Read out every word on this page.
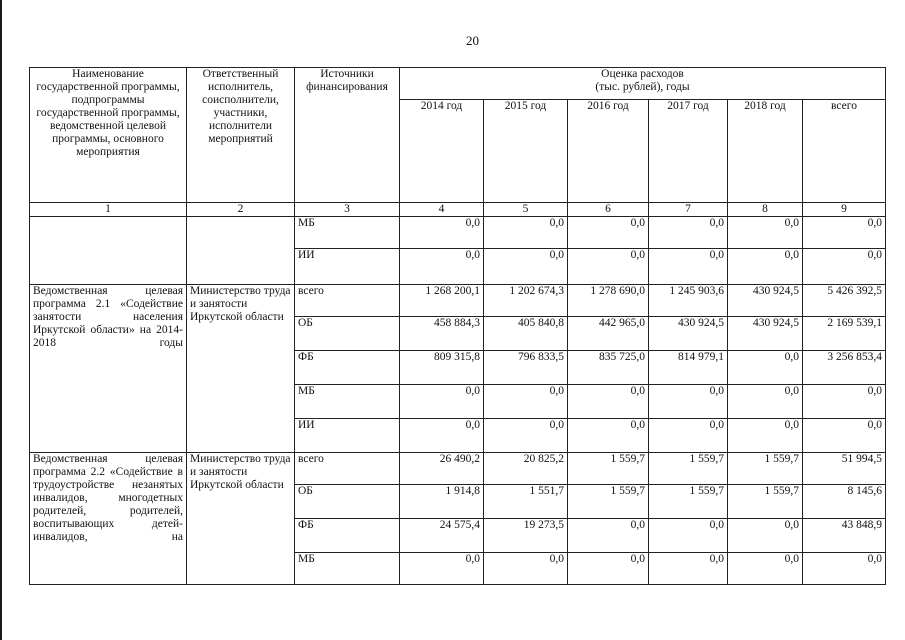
20
Наименование государственной программы, подпрограммы государственной программы, ведомственной целевой программы, основного мероприятия	Ответственный исполнитель, соисполнители, участники, исполнители мероприятий	Источники финансирования	Оценка расходов
(тыс. рублей), годы					

			2014 год	2015 год	2016 год	2017 год	2018 год	всего
1	2	3	4	5	6	7	8	9
		МБ	0,0	0,0	0,0	0,0	0,0	0,0
		ИИ	0,0	0,0	0,0	0,0	0,0	0,0
Ведомственная целевая программа 2.1 «Содействие занятости населения Иркутской области» на 2014-2018 годы	Министерство труда и занятости Иркутской области	всего	1 268 200,1	1 202 674,3	1 278 690,0	1 245 903,6	430 924,5	5 426 392,5
		ОБ	458 884,3	405 840,8	442 965,0	430 924,5	430 924,5	2 169 539,1
		ФБ	809 315,8	796 833,5	835 725,0	814 979,1	0,0	3 256 853,4
		МБ	0,0	0,0	0,0	0,0	0,0	0,0
		ИИ	0,0	0,0	0,0	0,0	0,0	0,0
Ведомственная целевая программа 2.2 «Содействие в трудоустройстве незанятых инвалидов, многодетных родителей, родителей, воспитывающих детей-инвалидов, на	Министерство труда и занятости Иркутской области	всего	26 490,2	20 825,2	1 559,7	1 559,7	1 559,7	51 994,5
		ОБ	1 914,8	1 551,7	1 559,7	1 559,7	1 559,7	8 145,6
		ФБ	24 575,4	19 273,5	0,0	0,0	0,0	43 848,9
		МБ	0,0	0,0	0,0	0,0	0,0	0,0
